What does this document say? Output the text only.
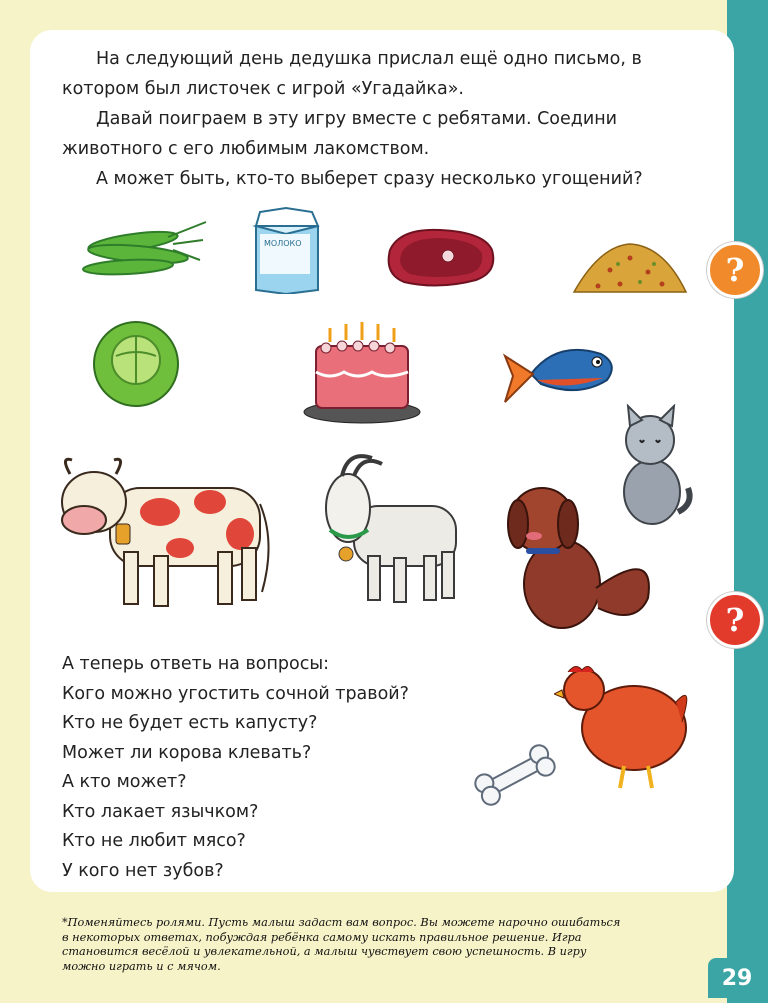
На следующий день дедушка прислал ещё одно письмо, в котором был листочек с игрой «Угадайка».

Давай поиграем в эту игру вместе с ребятами. Соедини животного с его любимым лакомством.

А может быть, кто-то выберет сразу несколько угощений?

?
?
МОЛОКО
А теперь ответь на вопросы:
Кого можно угостить сочной травой?
Кто не будет есть капусту?
Может ли корова клевать?
А кто может?
Кто лакает язычком?
Кто не любит мясо?
У кого нет зубов?
*Поменяйтесь ролями. Пусть малыш задаст вам вопрос. Вы можете нарочно ошибаться в некоторых ответах, побуждая ребёнка самому искать правильное решение. Игра становится весёлой и увлекательной, а малыш чувствует свою успешность. В игру можно играть и с мячом.	29
